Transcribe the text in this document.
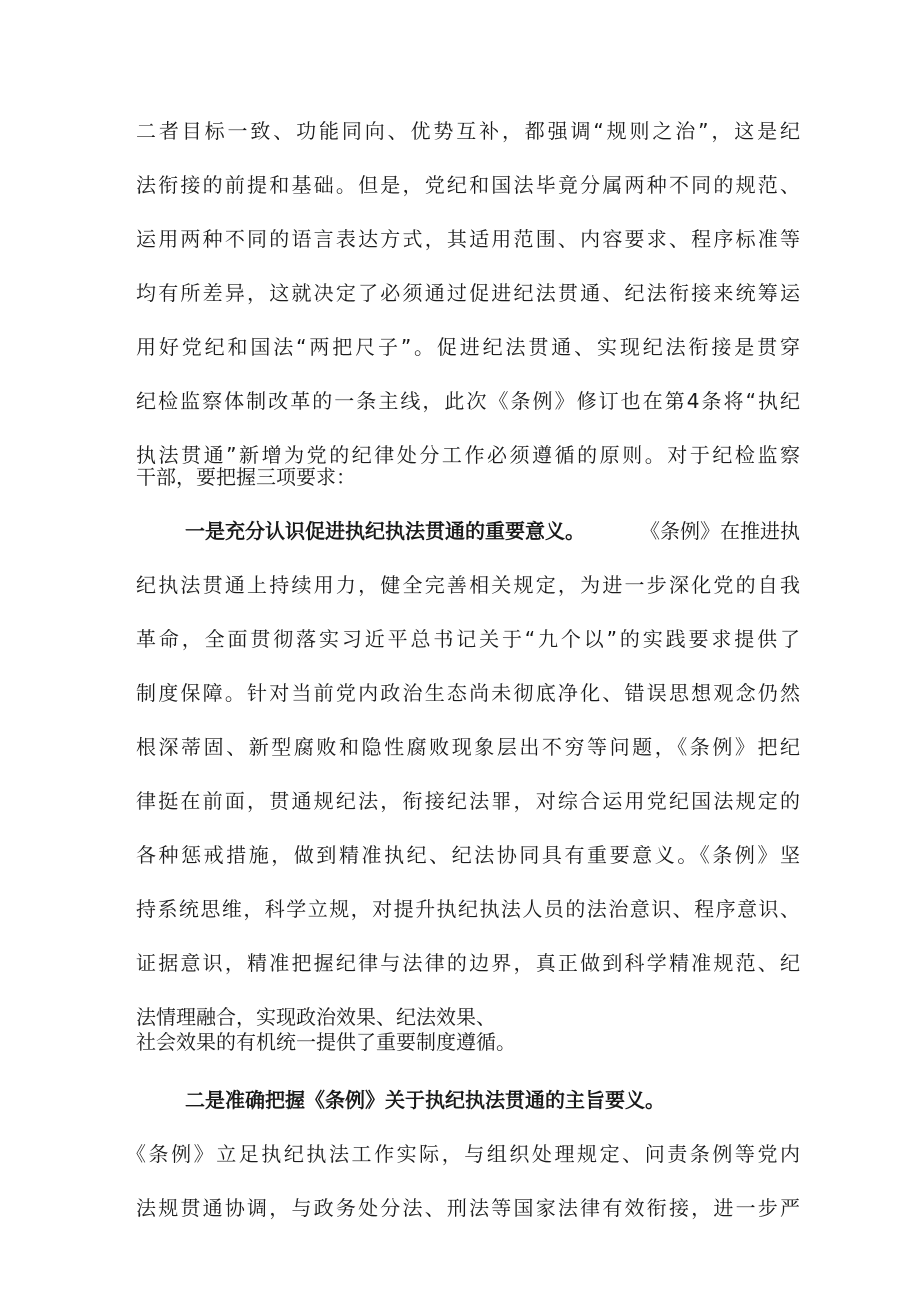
二者目标一致、功能同向、优势互补，都强调“规则之治”，这是纪
法衔接的前提和基础。但是，党纪和国法毕竟分属两种不同的规范、
运用两种不同的语言表达方式，其适用范围、内容要求、程序标准等
均有所差异，这就决定了必须通过促进纪法贯通、纪法衔接来统筹运
用好党纪和国法“两把尺子”。促进纪法贯通、实现纪法衔接是贯穿
纪检监察体制改革的一条主线，此次《条例》修订也在第4条将“执纪
执法贯通”新增为党的纪律处分工作必须遵循的原则。对于纪检监察
干部，要把握三项要求：
一是充分认识促进执纪执法贯通的重要意义。	《条例》在推进执
纪执法贯通上持续用力，健全完善相关规定，为进一步深化党的自我
革命，全面贯彻落实习近平总书记关于“九个以”的实践要求提供了
制度保障。针对当前党内政治生态尚未彻底净化、错误思想观念仍然
根深蒂固、新型腐败和隐性腐败现象层出不穷等问题，《条例》把纪
律挺在前面，贯通规纪法，衔接纪法罪，对综合运用党纪国法规定的
各种惩戒措施，做到精准执纪、纪法协同具有重要意义。《条例》坚
持系统思维，科学立规，对提升执纪执法人员的法治意识、程序意识、
证据意识，精准把握纪律与法律的边界，真正做到科学精准规范、纪
法情理融合，实现政治效果、纪法效果、
社会效果的有机统一提供了重要制度遵循。
二是准确把握《条例》关于执纪执法贯通的主旨要义。
《条例》立足执纪执法工作实际，与组织处理规定、问责条例等党内
法规贯通协调，与政务处分法、刑法等国家法律有效衔接，进一步严
